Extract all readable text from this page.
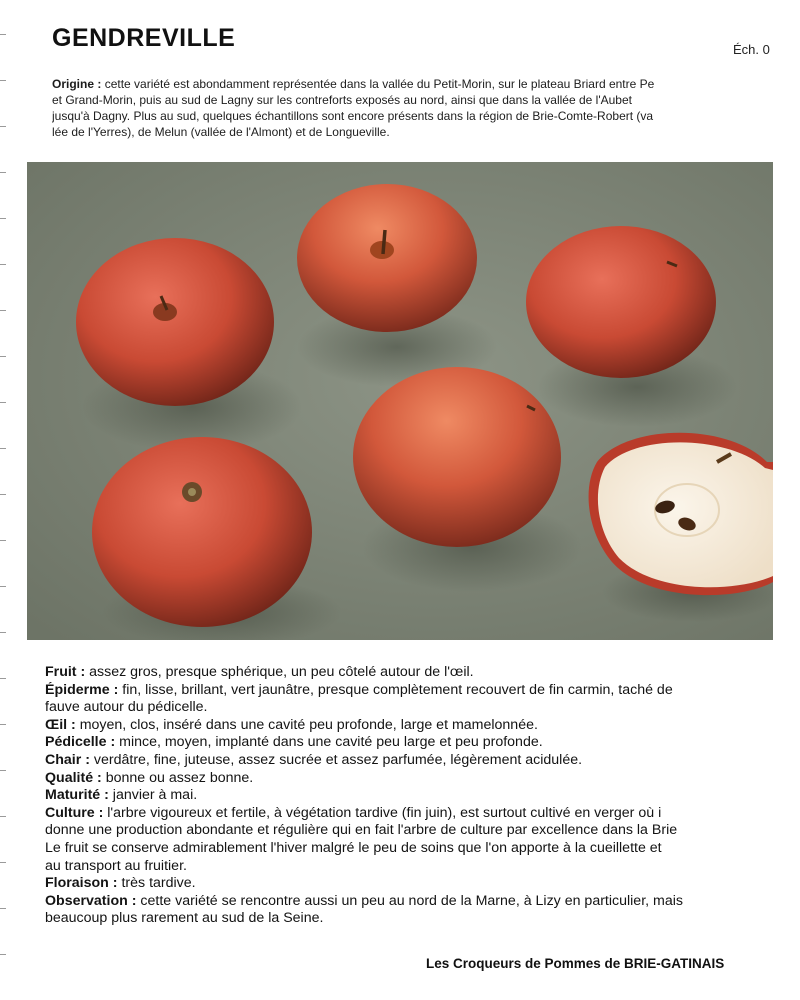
GENDREVILLE	Éch. 0
Origine : cette variété est abondamment représentée dans la vallée du Petit-Morin, sur le plateau Briard entre Pe
et Grand-Morin, puis au sud de Lagny sur les contreforts exposés au nord, ainsi que dans la vallée de l'Aubet
jusqu'à Dagny. Plus au sud, quelques échantillons sont encore présents dans la région de Brie-Comte-Robert (va
lée de l'Yerres), de Melun (vallée de l'Almont) et de Longueville.
Fruit : assez gros, presque sphérique, un peu côtelé autour de l'œil.
Épiderme : fin, lisse, brillant, vert jaunâtre, presque complètement recouvert de fin carmin, taché de
fauve autour du pédicelle.
Œil : moyen, clos, inséré dans une cavité peu profonde, large et mamelonnée.
Pédicelle : mince, moyen, implanté dans une cavité peu large et peu profonde.
Chair : verdâtre, fine, juteuse, assez sucrée et assez parfumée, légèrement acidulée.
Qualité : bonne ou assez bonne.
Maturité : janvier à mai.
Culture : l'arbre vigoureux et fertile, à végétation tardive (fin juin), est surtout cultivé en verger où i
donne une production abondante et régulière qui en fait l'arbre de culture par excellence dans la Brie
Le fruit se conserve admirablement l'hiver malgré le peu de soins que l'on apporte à la cueillette et
au transport au fruitier.
Floraison : très tardive.
Observation : cette variété se rencontre aussi un peu au nord de la Marne, à Lizy en particulier, mais
beaucoup plus rarement au sud de la Seine.
Les Croqueurs de Pommes de BRIE-GATINAIS
